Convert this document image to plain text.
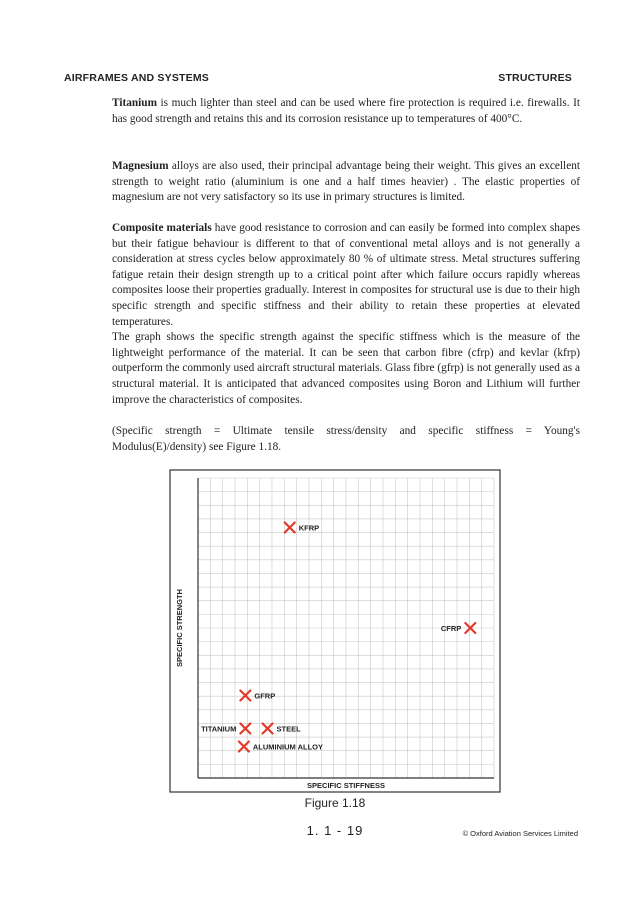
AIRFRAMES AND SYSTEMS	STRUCTURES

Titanium is much lighter than steel and can be used where fire protection is required i.e. firewalls. It has good strength and retains this and its corrosion resistance up to temperatures of 400°C.

Magnesium alloys are also used, their principal advantage being their weight. This gives an excellent strength to weight ratio (aluminium is one and a half times heavier) . The elastic properties of magnesium are not very satisfactory so its use in primary structures is limited.

Composite materials have good resistance to corrosion and can easily be formed into complex shapes but their fatigue behaviour is different to that of conventional metal alloys and is not generally a consideration at stress cycles below approximately 80 % of ultimate stress. Metal structures suffering fatigue retain their design strength up to a critical point after which failure occurs rapidly whereas composites loose their properties gradually. Interest in composites for structural use is due to their high specific strength and specific stiffness and their ability to retain these properties at elevated temperatures.
The graph shows the specific strength against the specific stiffness which is the measure of the lightweight performance of the material. It can be seen that carbon fibre (cfrp) and kevlar (kfrp) outperform the commonly used aircraft structural materials. Glass fibre (gfrp) is not generally used as a structural material. It is anticipated that advanced composites using Boron and Lithium will further improve the characteristics of composites.

(Specific strength = Ultimate tensile stress/density and specific stiffness = Young's Modulus(E)/density) see Figure 1.18.

SPECIFIC STIFFNESS
SPECIFIC STRENGTH
KFRP
CFRP
GFRP
TITANIUM	STEEL
ALUMINIUM ALLOY
Figure 1.18
1. 1 - 19	© Oxford Aviation Services Limited
